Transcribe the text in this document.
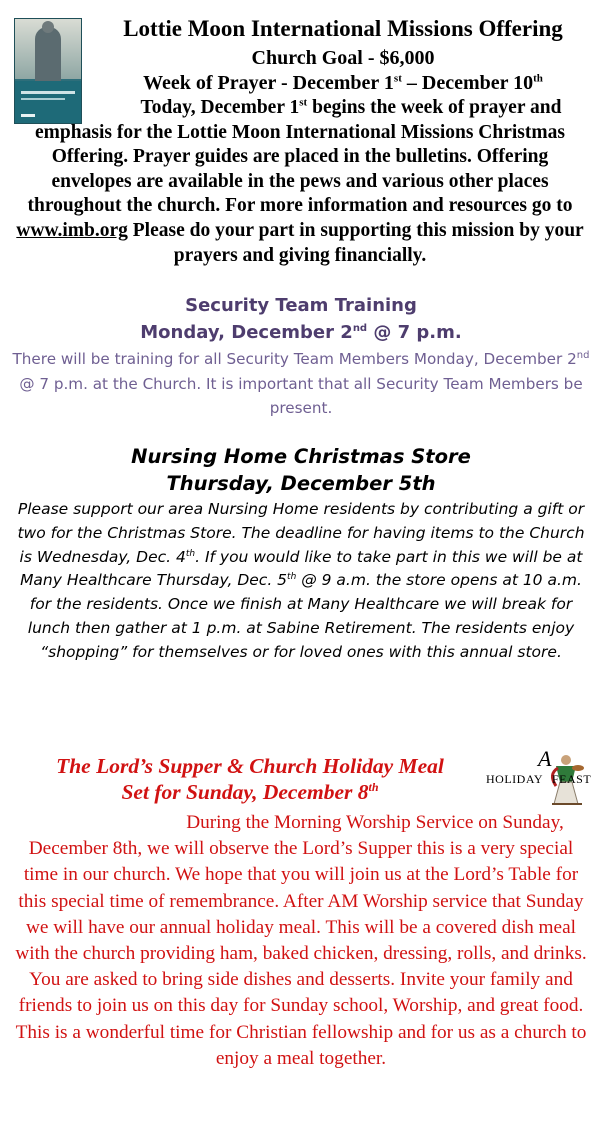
Lottie Moon International Missions Offering
Church Goal - $6,000
Week of Prayer - December 1st – December 10th
Today, December 1st begins the week of prayer and emphasis for the Lottie Moon International Missions Christmas Offering. Prayer guides are placed in the bulletins. Offering envelopes are available in the pews and various other places throughout the church. For more information and resources go to www.imb.org Please do your part in supporting this mission by your prayers and giving financially.
Security Team Training
Monday, December 2nd @ 7 p.m.
There will be training for all Security Team Members Monday, December 2nd @ 7 p.m. at the Church. It is important that all Security Team Members be present.
Nursing Home Christmas Store
Thursday, December 5th
Please support our area Nursing Home residents by contributing a gift or two for the Christmas Store. The deadline for having items to the Church is Wednesday, Dec. 4th. If you would like to take part in this we will be at Many Healthcare Thursday, Dec. 5th @ 9 a.m. the store opens at 10 a.m. for the residents. Once we finish at Many Healthcare we will break for lunch then gather at 1 p.m. at Sabine Retirement. The residents enjoy “shopping” for themselves or for loved ones with this annual store.
The Lord’s Supper & Church Holiday Meal
Set for Sunday, December 8th
A
HOLIDAY FEAST
During the Morning Worship Service on Sunday, December 8th, we will observe the Lord’s Supper this is a very special time in our church. We hope that you will join us at the Lord’s Table for this special time of remembrance. After AM Worship service that Sunday we will have our annual holiday meal. This will be a covered dish meal with the church providing ham, baked chicken, dressing, rolls, and drinks. You are asked to bring side dishes and desserts. Invite your family and friends to join us on this day for Sunday school, Worship, and great food. This is a wonderful time for Christian fellowship and for us as a church to enjoy a meal together.
